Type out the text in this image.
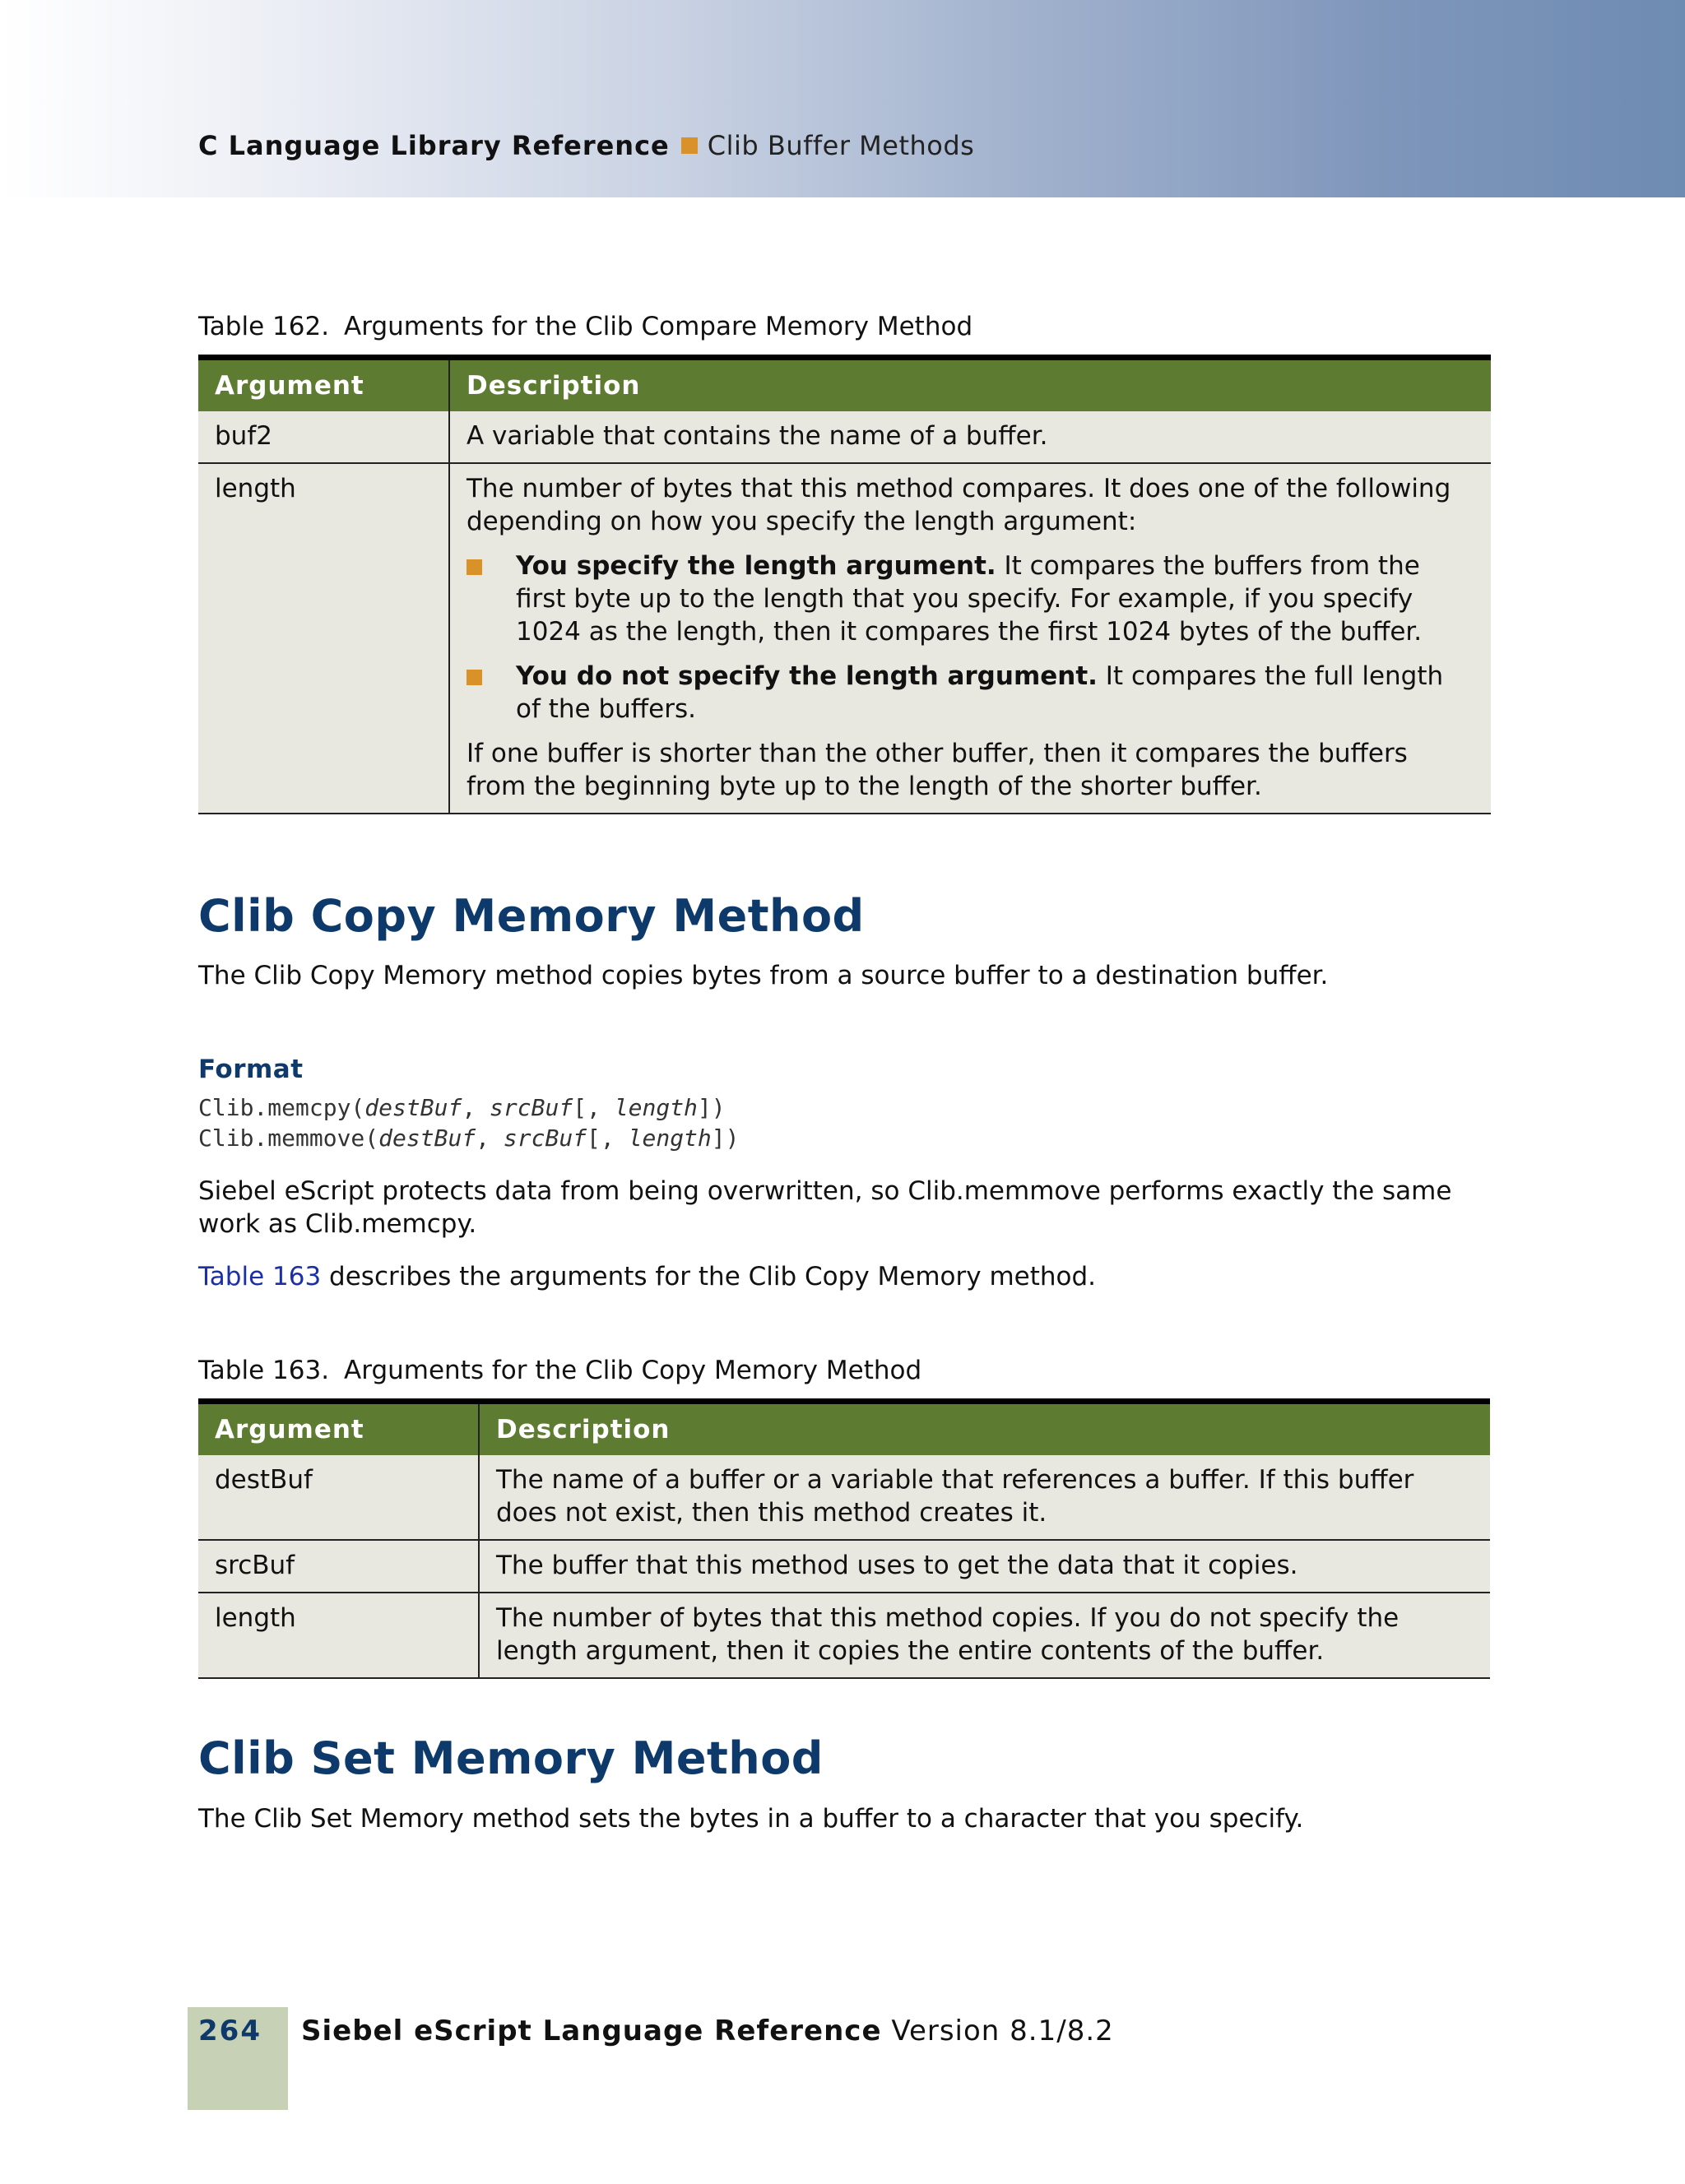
C Language Library Reference Clib Buffer Methods
Table 162. Arguments for the Clib Compare Memory Method
Argument	Description
buf2	A variable that contains the name of a buffer.
length	The number of bytes that this method compares. It does one of the following depending on how you specify the length argument:

You specify the length argument. It compares the buffers from the first byte up to the length that you specify. For example, if you specify 1024 as the length, then it compares the first 1024 bytes of the buffer.

You do not specify the length argument. It compares the full length of the buffers.

If one buffer is shorter than the other buffer, then it compares the buffers from the beginning byte up to the length of the shorter buffer.

Clib Copy Memory Method

The Clib Copy Memory method copies bytes from a source buffer to a destination buffer.

Format
Clib.memcpy(destBuf, srcBuf[, length])
Clib.memmove(destBuf, srcBuf[, length])

Siebel eScript protects data from being overwritten, so Clib.memmove performs exactly the same work as Clib.memcpy.

Table 163 describes the arguments for the Clib Copy Memory method.

Table 163. Arguments for the Clib Copy Memory Method
Argument	Description
destBuf	The name of a buffer or a variable that references a buffer. If this buffer does not exist, then this method creates it.
srcBuf	The buffer that this method uses to get the data that it copies.
length	The number of bytes that this method copies. If you do not specify the length argument, then it copies the entire contents of the buffer.
Clib Set Memory Method

The Clib Set Memory method sets the bytes in a buffer to a character that you specify.

264 Siebel eScript Language Reference Version 8.1/8.2
